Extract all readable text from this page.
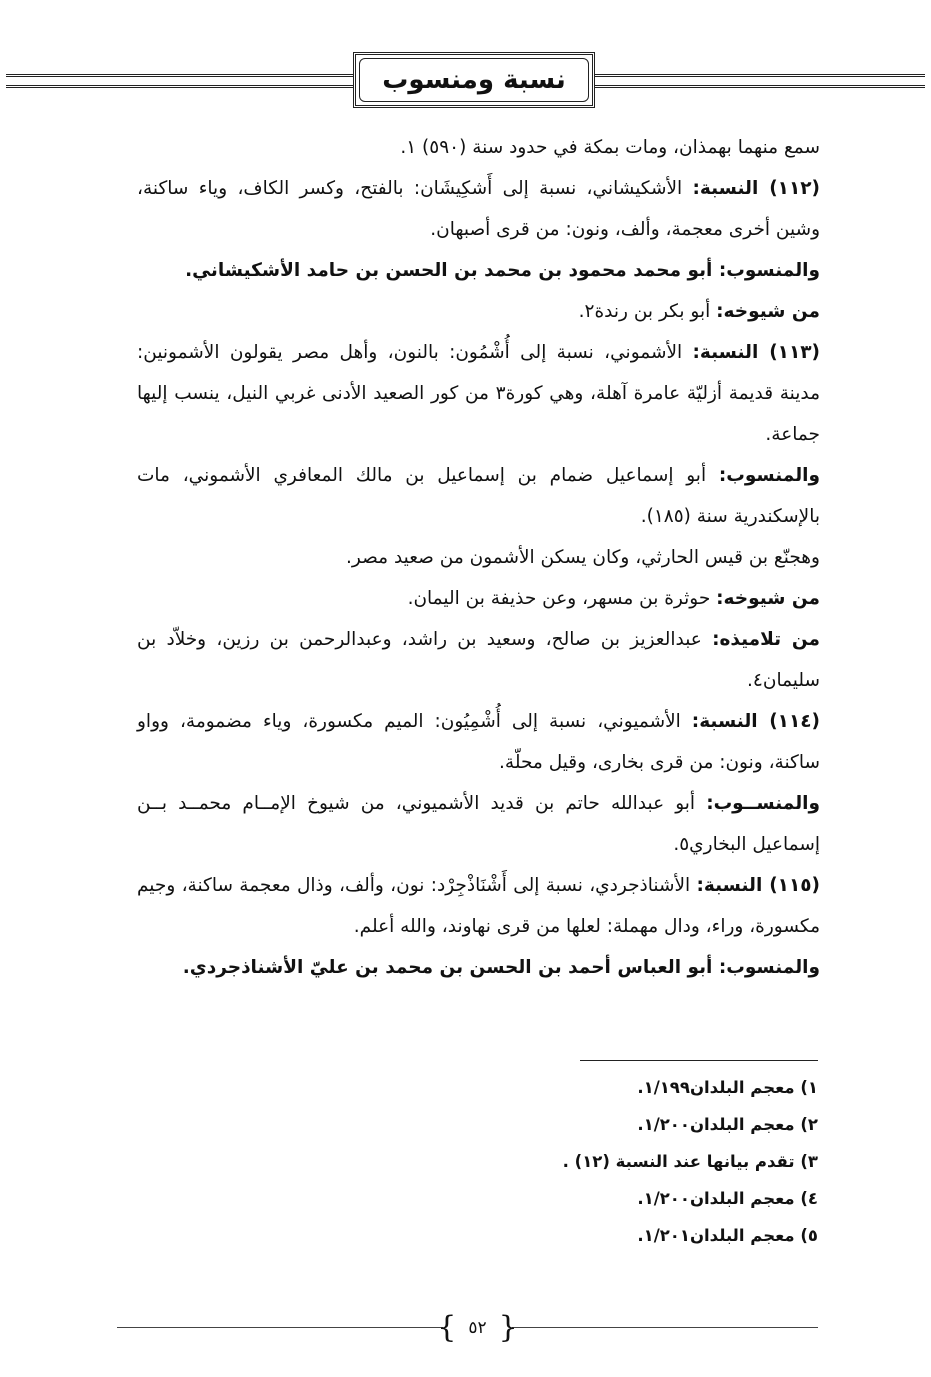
نسبة ومنسوب

سمع منهما بهمذان، ومات بمكة في حدود سنة (٥٩٠) ١.

(١١٢) النسبة: الأشكيشاني، نسبة إلى أَشكِيشَان: بالفتح، وكسر الكاف، وياء ساكنة، وشين أخرى معجمة، وألف، ونون: من قرى أصبهان.

والمنسوب: أبو محمد محمود بن محمد بن الحسن بن حامد الأشكيشاني.

من شيوخه: أبو بكر بن رندة٢.

(١١٣) النسبة: الأشموني، نسبة إلى أُشْمُون: بالنون، وأهل مصر يقولون الأشمونين: مدينة قديمة أزليّة عامرة آهلة، وهي كورة٣ من كور الصعيد الأدنى غربي النيل، ينسب إليها جماعة.

والمنسوب: أبو إسماعيل ضمام بن إسماعيل بن مالك المعافري الأشموني، مات بالإسكندرية سنة (١٨٥).

وهجنّع بن قيس الحارثي، وكان يسكن الأشمون من صعيد مصر.

من شيوخه: حوثرة بن مسهر، وعن حذيفة بن اليمان.

من تلاميذه: عبدالعزيز بن صالح، وسعيد بن راشد، وعبدالرحمن بن رزين، وخلاّد بن سليمان٤.

(١١٤) النسبة: الأشميوني، نسبة إلى أُشْمِيُون: الميم مكسورة، وياء مضمومة، وواو ساكنة، ونون: من قرى بخارى، وقيل محلّة.

والمنســوب: أبو عبدالله حاتم بن قديد الأشميوني، من شيوخ الإمــام محمــد بــن إسماعيل البخاري٥.

(١١٥) النسبة: الأشناذجردي، نسبة إلى أَشْنَاذْجِرْد: نون، وألف، وذال معجمة ساكنة، وجيم مكسورة، وراء، ودال مهملة: لعلها من قرى نهاوند، والله أعلم.

والمنسوب: أبو العباس أحمد بن الحسن بن محمد بن عليّ الأشناذجردي.

١) معجم البلدان١/١٩٩.

٢) معجم البلدان١/٢٠٠.

٣) تقدم بيانها عند النسبة (١٢) .

٤) معجم البلدان١/٢٠٠.

٥) معجم البلدان١/٢٠١.

{ ٥٢ }
